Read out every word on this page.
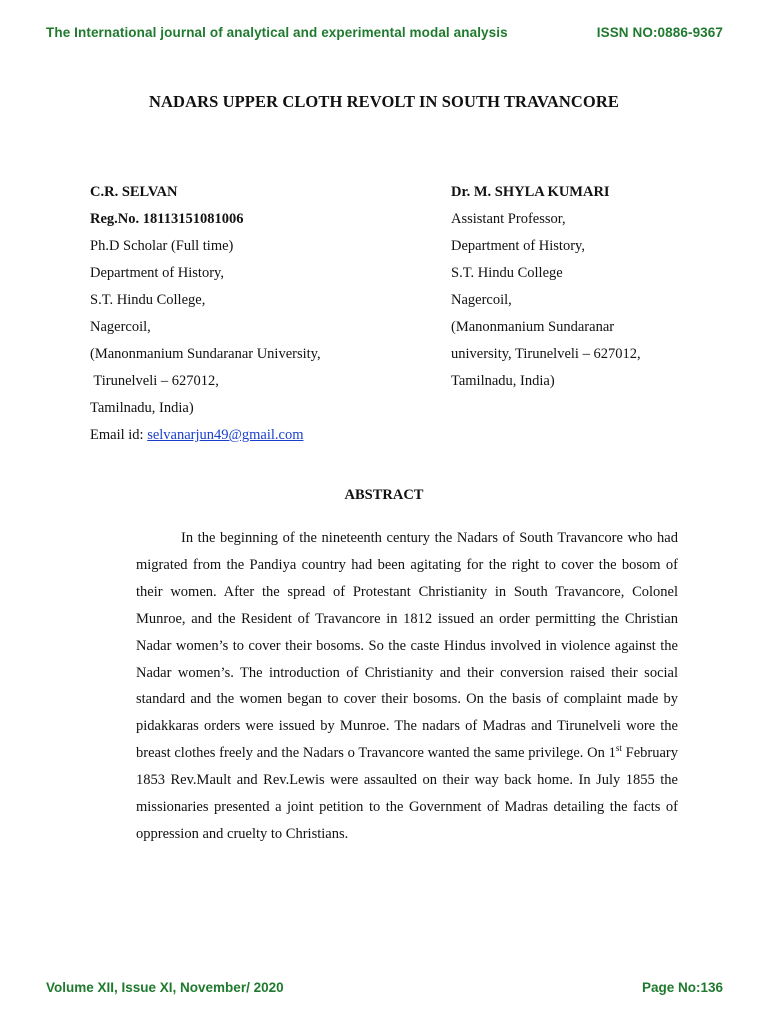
The International journal of analytical and experimental modal analysis	ISSN NO:0886-9367
NADARS UPPER CLOTH REVOLT IN SOUTH TRAVANCORE
C.R. SELVAN
Reg.No. 18113151081006
Ph.D Scholar (Full time)
Department of History,
S.T. Hindu College,
Nagercoil,
(Manonmanium Sundaranar University,
Tirunelveli – 627012,
Tamilnadu, India)
Email id: selvanarjun49@gmail.com
Dr. M. SHYLA KUMARI
Assistant Professor,
Department of History,
S.T. Hindu College
Nagercoil,
(Manonmanium Sundaranar
university, Tirunelveli – 627012,
Tamilnadu, India)
ABSTRACT

In the beginning of the nineteenth century the Nadars of South Travancore who had migrated from the Pandiya country had been agitating for the right to cover the bosom of their women. After the spread of Protestant Christianity in South Travancore, Colonel Munroe, and the Resident of Travancore in 1812 issued an order permitting the Christian Nadar women’s to cover their bosoms. So the caste Hindus involved in violence against the Nadar women’s. The introduction of Christianity and their conversion raised their social standard and the women began to cover their bosoms. On the basis of complaint made by pidakkaras orders were issued by Munroe. The nadars of Madras and Tirunelveli wore the breast clothes freely and the Nadars o Travancore wanted the same privilege. On 1st February 1853 Rev.Mault and Rev.Lewis were assaulted on their way back home. In July 1855 the missionaries presented a joint petition to the Government of Madras detailing the facts of oppression and cruelty to Christians.

Volume XII, Issue XI, November/ 2020	Page No:136
